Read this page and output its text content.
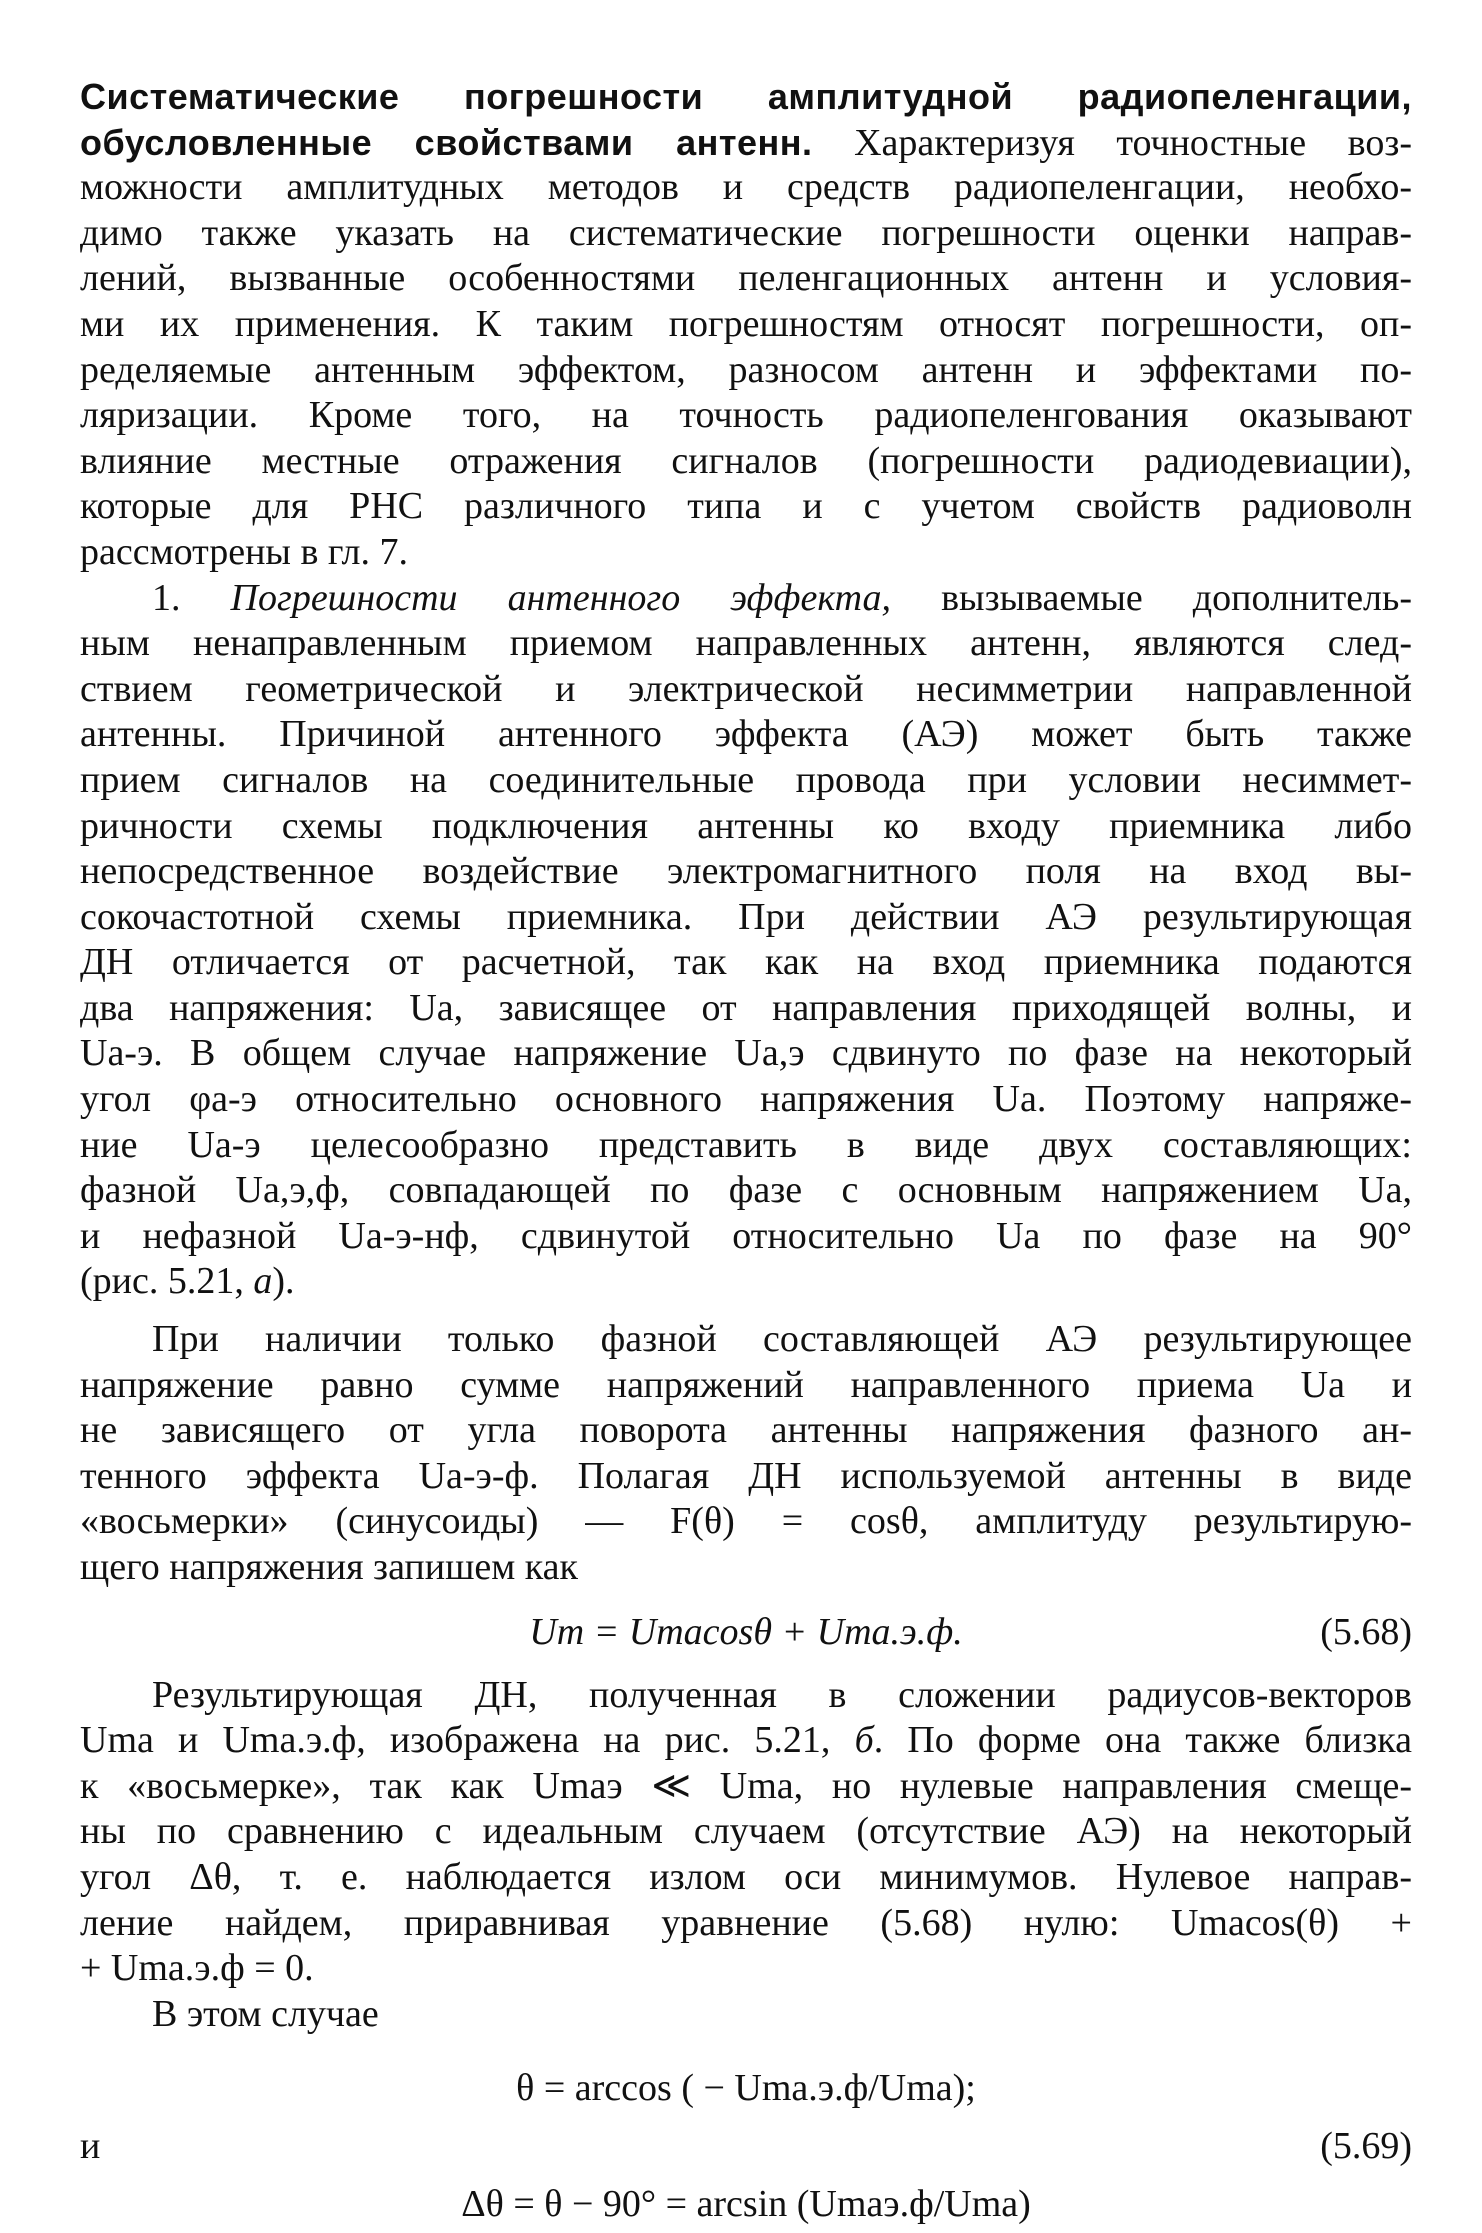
Систематические погрешности амплитудной радиопеленгации,
обусловленные свойствами антенн. Характеризуя точностные воз-
можности амплитудных методов и средств радиопеленгации, необхо-
димо также указать на систематические погрешности оценки направ-
лений, вызванные особенностями пеленгационных антенн и условия-
ми их применения. К таким погрешностям относят погрешности, оп-
ределяемые антенным эффектом, разносом антенн и эффектами по-
ляризации. Кроме того, на точность радиопеленгования оказывают
влияние местные отражения сигналов (погрешности радиодевиации),
которые для РНС различного типа и с учетом свойств радиоволн
рассмотрены в гл. 7.
1. Погрешности антенного эффекта, вызываемые дополнитель-
ным ненаправленным приемом направленных антенн, являются след-
ствием геометрической и электрической несимметрии направленной
антенны. Причиной антенного эффекта (АЭ) может быть также
прием сигналов на соединительные провода при условии несиммет-
ричности схемы подключения антенны ко входу приемника либо
непосредственное воздействие электромагнитного поля на вход вы-
сокочастотной схемы приемника. При действии АЭ результирующая
ДН отличается от расчетной, так как на вход приемника подаются
два напряжения: Uа, зависящее от направления приходящей волны, и
Uа-э. В общем случае напряжение Uа,э сдвинуто по фазе на некоторый
угол φа-э относительно основного напряжения Uа. Поэтому напряже-
ние Uа-э целесообразно представить в виде двух составляющих:
фазной Uа,э,ф, совпадающей по фазе с основным напряжением Uа,
и нефазной Uа-э-нф, сдвинутой относительно Uа по фазе на 90°
(рис. 5.21, а).
При наличии только фазной составляющей АЭ результирующее
напряжение равно сумме напряжений направленного приема Uа и
не зависящего от угла поворота антенны напряжения фазного ан-
тенного эффекта Uа-э-ф. Полагая ДН используемой антенны в виде
«восьмерки» (синусоиды) — F(θ) = cosθ, амплитуду результирую-
щего напряжения запишем как
Um = Umacosθ + Uma.э.ф.	(5.68)
Результирующая ДН, полученная в сложении радиусов-векторов
Uma и Uma.э.ф, изображена на рис. 5.21, б. По форме она также близка
к «восьмерке», так как Umaэ ≪ Uma, но нулевые направления смеще-
ны по сравнению с идеальным случаем (отсутствие АЭ) на некоторый
угол Δθ, т. е. наблюдается излом оси минимумов. Нулевое направ-
ление найдем, приравнивая уравнение (5.68) нулю: Umacos(θ) +
+ Uma.э.ф = 0.
В этом случае
θ = arccos ( − Uma.э.ф/Uma);
и	(5.69)
Δθ = θ − 90° = arcsin (Umaэ.ф/Uma)
